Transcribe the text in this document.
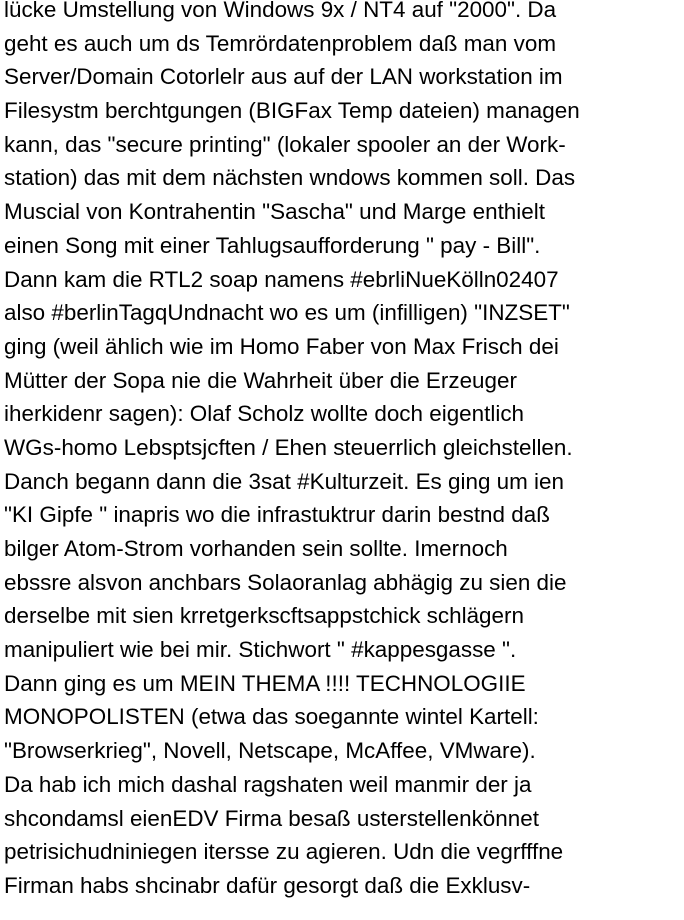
lücke Umstellung von Windows 9x / NT4 auf "2000". Da
geht es auch um ds Temrördatenproblem daß man vom
Server/Domain Cotorlelr aus auf der LAN workstation im
Filesystm berchtgungen (BIGFax Temp dateien) managen
kann, das "secure printing" (lokaler spooler an der Work-
station) das mit dem nächsten wndows kommen soll. Das
Muscial von Kontrahentin "Sascha" und Marge enthielt
einen Song mit einer Tahlugsaufforderung " pay - Bill".
Dann kam die RTL2 soap namens #ebrliNueKölln02407
also #berlinTagqUndnacht wo es um (infilligen) "INZSET"
ging (weil ählich wie im Homo Faber von Max Frisch dei
Mütter der Sopa nie die Wahrheit über die Erzeuger
iherkidenr sagen): Olaf Scholz wollte doch eigentlich
WGs-homo Lebsptsjcften / Ehen steuerrlich gleichstellen.
Danch begann dann die 3sat #Kulturzeit. Es ging um ien
"KI Gipfe " inapris wo die infrastuktrur darin bestnd daß
bilger Atom-Strom vorhanden sein sollte. Imernoch
ebssre alsvon anchbars Solaoranlag abhägig zu sien die
derselbe mit sien krretgerkscftsappstchick schlägern
manipuliert wie bei mir. Stichwort " #kappesgasse ".
Dann ging es um MEIN THEMA !!!! TECHNOLOGIIE
MONOPOLISTEN (etwa das soegannte wintel Kartell:
"Browserkrieg", Novell, Netscape, McAffee, VMware).
Da hab ich mich dashal ragshaten weil manmir der ja
shcondamsl eienEDV Firma besaß usterstellenkönnet
petrisichudniniegen itersse zu agieren. Udn die vegrfffne
Firman habs shcinabr dafür gesorgt daß die Exklusv-
